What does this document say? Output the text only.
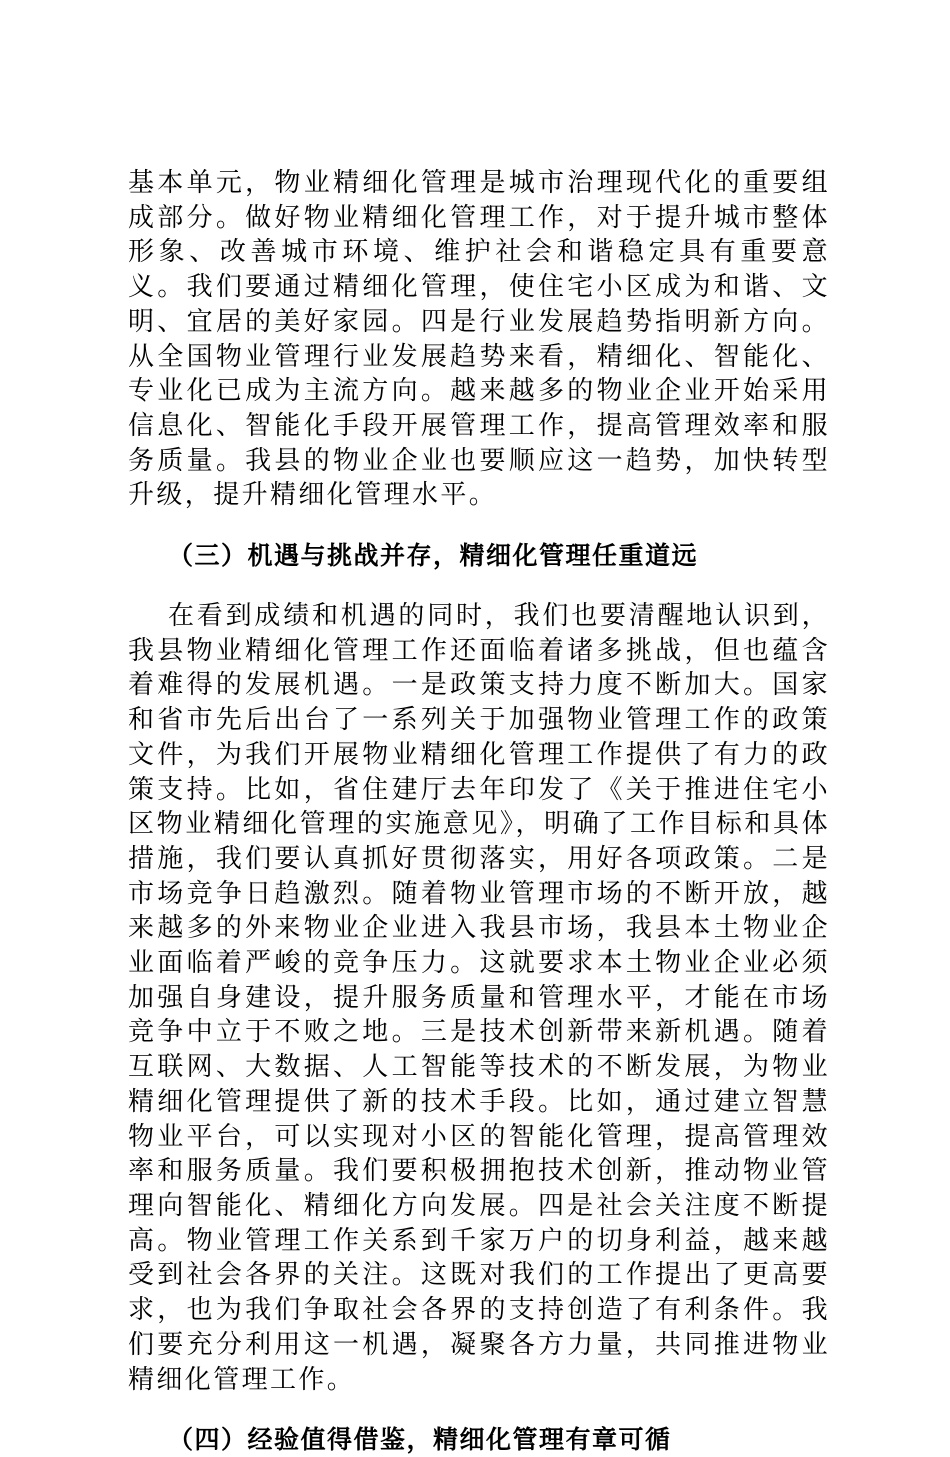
基本单元，物业精细化管理是城市治理现代化的重要组成部分。做好物业精细化管理工作，对于提升城市整体形象、改善城市环境、维护社会和谐稳定具有重要意义。我们要通过精细化管理，使住宅小区成为和谐、文明、宜居的美好家园。四是行业发展趋势指明新方向。从全国物业管理行业发展趋势来看，精细化、智能化、专业化已成为主流方向。越来越多的物业企业开始采用信息化、智能化手段开展管理工作，提高管理效率和服务质量。我县的物业企业也要顺应这一趋势，加快转型升级，提升精细化管理水平。

（三）机遇与挑战并存，精细化管理任重道远

在看到成绩和机遇的同时，我们也要清醒地认识到，我县物业精细化管理工作还面临着诸多挑战，但也蕴含着难得的发展机遇。一是政策支持力度不断加大。国家和省市先后出台了一系列关于加强物业管理工作的政策文件，为我们开展物业精细化管理工作提供了有力的政策支持。比如，省住建厅去年印发了《关于推进住宅小区物业精细化管理的实施意见》，明确了工作目标和具体措施，我们要认真抓好贯彻落实，用好各项政策。二是市场竞争日趋激烈。随着物业管理市场的不断开放，越来越多的外来物业企业进入我县市场，我县本土物业企业面临着严峻的竞争压力。这就要求本土物业企业必须加强自身建设，提升服务质量和管理水平，才能在市场竞争中立于不败之地。三是技术创新带来新机遇。随着互联网、大数据、人工智能等技术的不断发展，为物业精细化管理提供了新的技术手段。比如，通过建立智慧物业平台，可以实现对小区的智能化管理，提高管理效率和服务质量。我们要积极拥抱技术创新，推动物业管理向智能化、精细化方向发展。四是社会关注度不断提高。物业管理工作关系到千家万户的切身利益，越来越受到社会各界的关注。这既对我们的工作提出了更高要求，也为我们争取社会各界的支持创造了有利条件。我们要充分利用这一机遇，凝聚各方力量，共同推进物业精细化管理工作。

（四）经验值得借鉴，精细化管理有章可循
